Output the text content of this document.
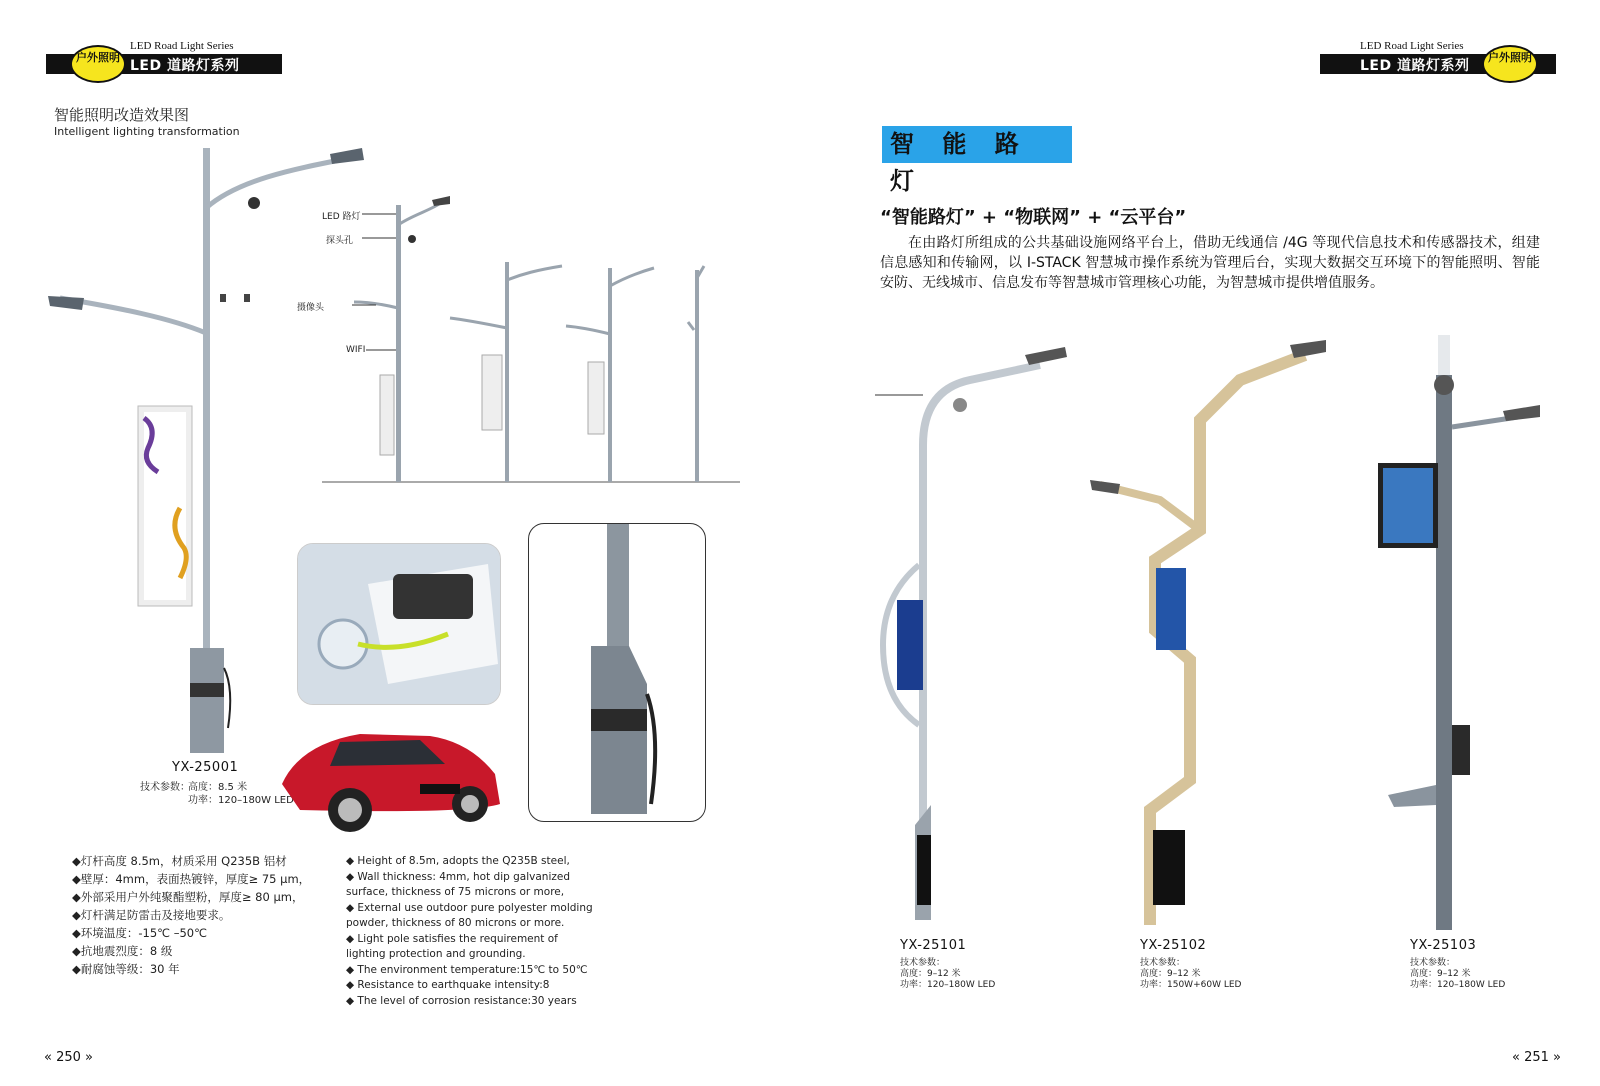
LED Road Light Series
LED 道路灯系列
户外照明
LED Road Light Series
LED 道路灯系列
户外照明
智能照明改造效果图
Intelligent lighting transformation
YX-25001
技术参数：
高度：8.5 米
功率：120–180W LED
LED 路灯
探头孔
摄像头
WIFI
◆灯杆高度 8.5m，材质采用 Q235B 铝材
◆壁厚：4mm，表面热镀锌，厚度≥ 75 μm，
◆外部采用户外纯聚酯塑粉，厚度≥ 80 μm，
◆灯杆满足防雷击及接地要求。
◆环境温度：-15℃ –50℃
◆抗地震烈度：8 级
◆耐腐蚀等级：30 年
◆ Height of 8.5m, adopts the Q235B steel,
◆ Wall thickness: 4mm, hot dip galvanized surface, thickness of 75 microns or more,
◆ External use outdoor pure polyester molding powder, thickness of 80 microns or more.
◆ Light pole satisfies the requirement of lighting protection and grounding.
◆ The environment temperature:15℃ to 50℃
◆ Resistance to earthquake intensity:8
◆ The level of corrosion resistance:30 years
« 250 »
智 能 路 灯
“智能路灯” + “物联网” + “云平台”
在由路灯所组成的公共基础设施网络平台上，借助无线通信 /4G 等现代信息技术和传感器技术，组建信息感知和传输网，以 I-STACK 智慧城市操作系统为管理后台，实现大数据交互环境下的智能照明、智能安防、无线城市、信息发布等智慧城市管理核心功能，为智慧城市提供增值服务。
YX-25101
技术参数：
高度：9–12 米
功率：120–180W LED
YX-25102
技术参数：
高度：9–12 米
功率：150W+60W LED
YX-25103
技术参数：
高度：9–12 米
功率：120–180W LED
« 251 »
